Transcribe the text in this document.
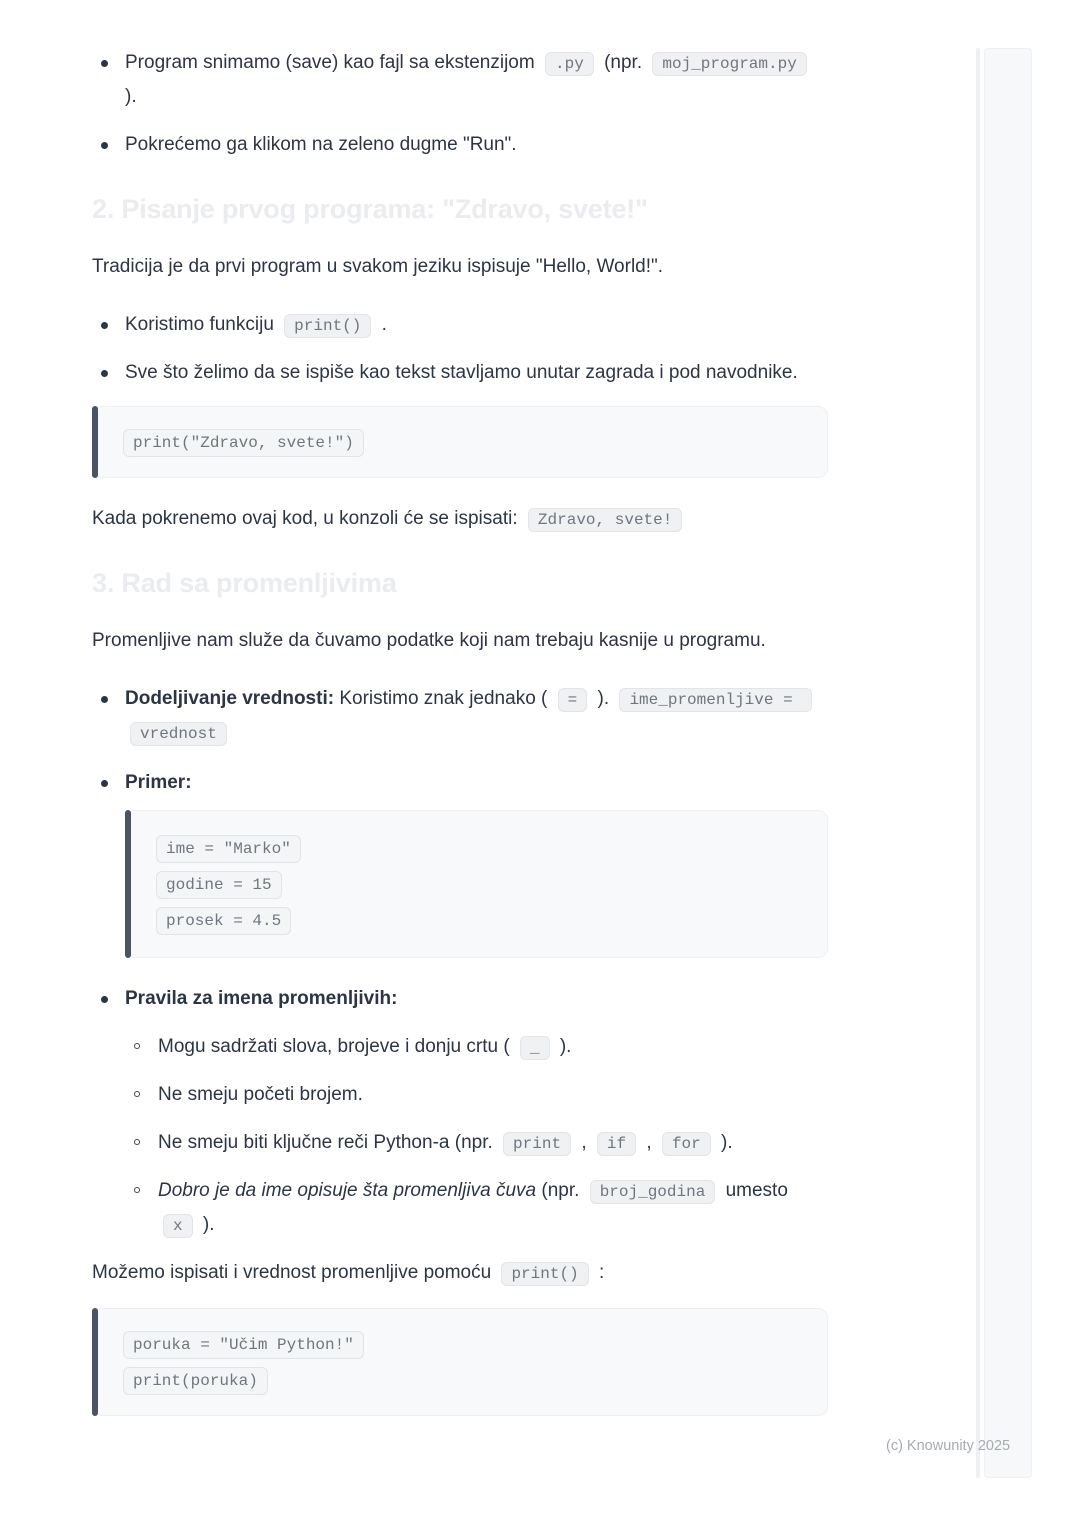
Program snimamo (save) kao fajl sa ekstenzijom .py (npr. moj_program.py ).
Pokrećemo ga klikom na zeleno dugme "Run".
2. Pisanje prvog programa: "Zdravo, svete!"

Tradicija je da prvi program u svakom jeziku ispisuje "Hello, World!".

Koristimo funkciju print() .
Sve što želimo da se ispiše kao tekst stavljamo unutar zagrada i pod navodnike.
print("Zdravo, svete!")

Kada pokrenemo ovaj kod, u konzoli će se ispisati: Zdravo, svete!

3. Rad sa promenljivima

Promenljive nam služe da čuvamo podatke koji nam trebaju kasnije u programu.

Dodeljivanje vrednosti: Koristimo znak jednako ( = ). ime_promenljive = vrednost
Primer:
ime = "Marko"
godine = 15
prosek = 4.5
Pravila za imena promenljivih:
Mogu sadržati slova, brojeve i donju crtu ( _ ).
Ne smeju početi brojem.
Ne smeju biti ključne reči Python-a (npr. print , if , for ).
Dobro je da ime opisuje šta promenljiva čuva (npr. broj_godina umesto x ).

Možemo ispisati i vrednost promenljive pomoću print() :

poruka = "Učim Python!"
print(poruka)
(c) Knowunity 2025
